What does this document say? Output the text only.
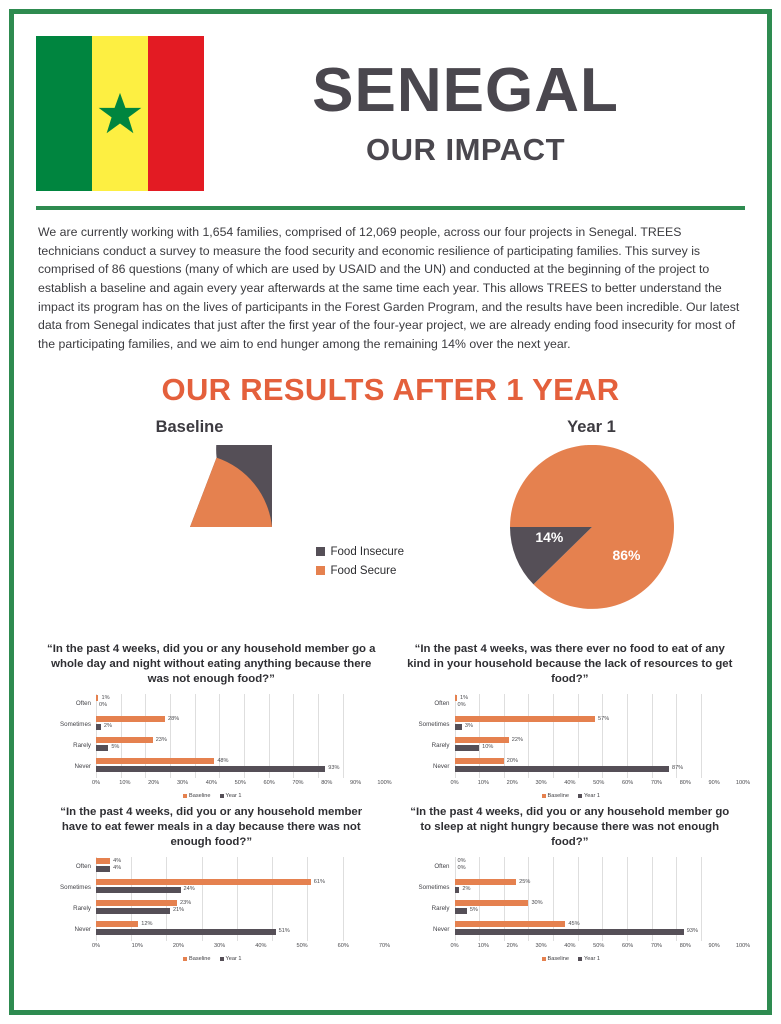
SENEGAL
OUR IMPACT

We are currently working with 1,654 families, comprised of 12,069 people, across our four projects in Senegal. TREES technicians conduct a survey to measure the food security and economic resilience of participating families. This survey is comprised of 86 questions (many of which are used by USAID and the UN) and conducted at the beginning of the project to establish a baseline and again every year afterwards at the same time each year. This allows TREES to better understand the impact its program has on the lives of participants in the Forest Garden Program, and the results have been incredible. Our latest data from Senegal indicates that just after the first year of the four-year project, we are already ending food insecurity for most of the participating families, and we aim to end hunger among the remaining 14% over the next year.

OUR RESULTS AFTER 1 YEAR
Baseline
82%
18%
Food Insecure
Food Secure
Year 1
14%
86%
“In the past 4 weeks, did you or any household member go a whole day and night without eating anything because there was not enough food?”
Often
1%
0%
Sometimes
28%
2%
Rarely
23%
5%
Never
48%
93%
0%	10%	20%	30%	40%	50%	60%	70%	80%	90%	100%
Baseline	Year 1
“In the past 4 weeks, was there ever no food to eat of any kind in your household because the lack of resources to get food?”
Often
1%
0%
Sometimes
57%
3%
Rarely
22%
10%
Never
20%
87%
0%	10%	20%	30%	40%	50%	60%	70%	80%	90%	100%
Baseline	Year 1
“In the past 4 weeks, did you or any household member have to eat fewer meals in a day because there was not enough food?”
Often
4%
4%
Sometimes
61%
24%
Rarely
23%
21%
Never
12%
51%
0%	10%	20%	30%	40%	50%	60%	70%
Baseline	Year 1
“In the past 4 weeks, did you or any household member go to sleep at night hungry because there was not enough food?”
Often
0%
0%
Sometimes
25%
2%
Rarely
30%
5%
Never
45%
93%
0%	10%	20%	30%	40%	50%	60%	70%	80%	90%	100%
Baseline	Year 1
